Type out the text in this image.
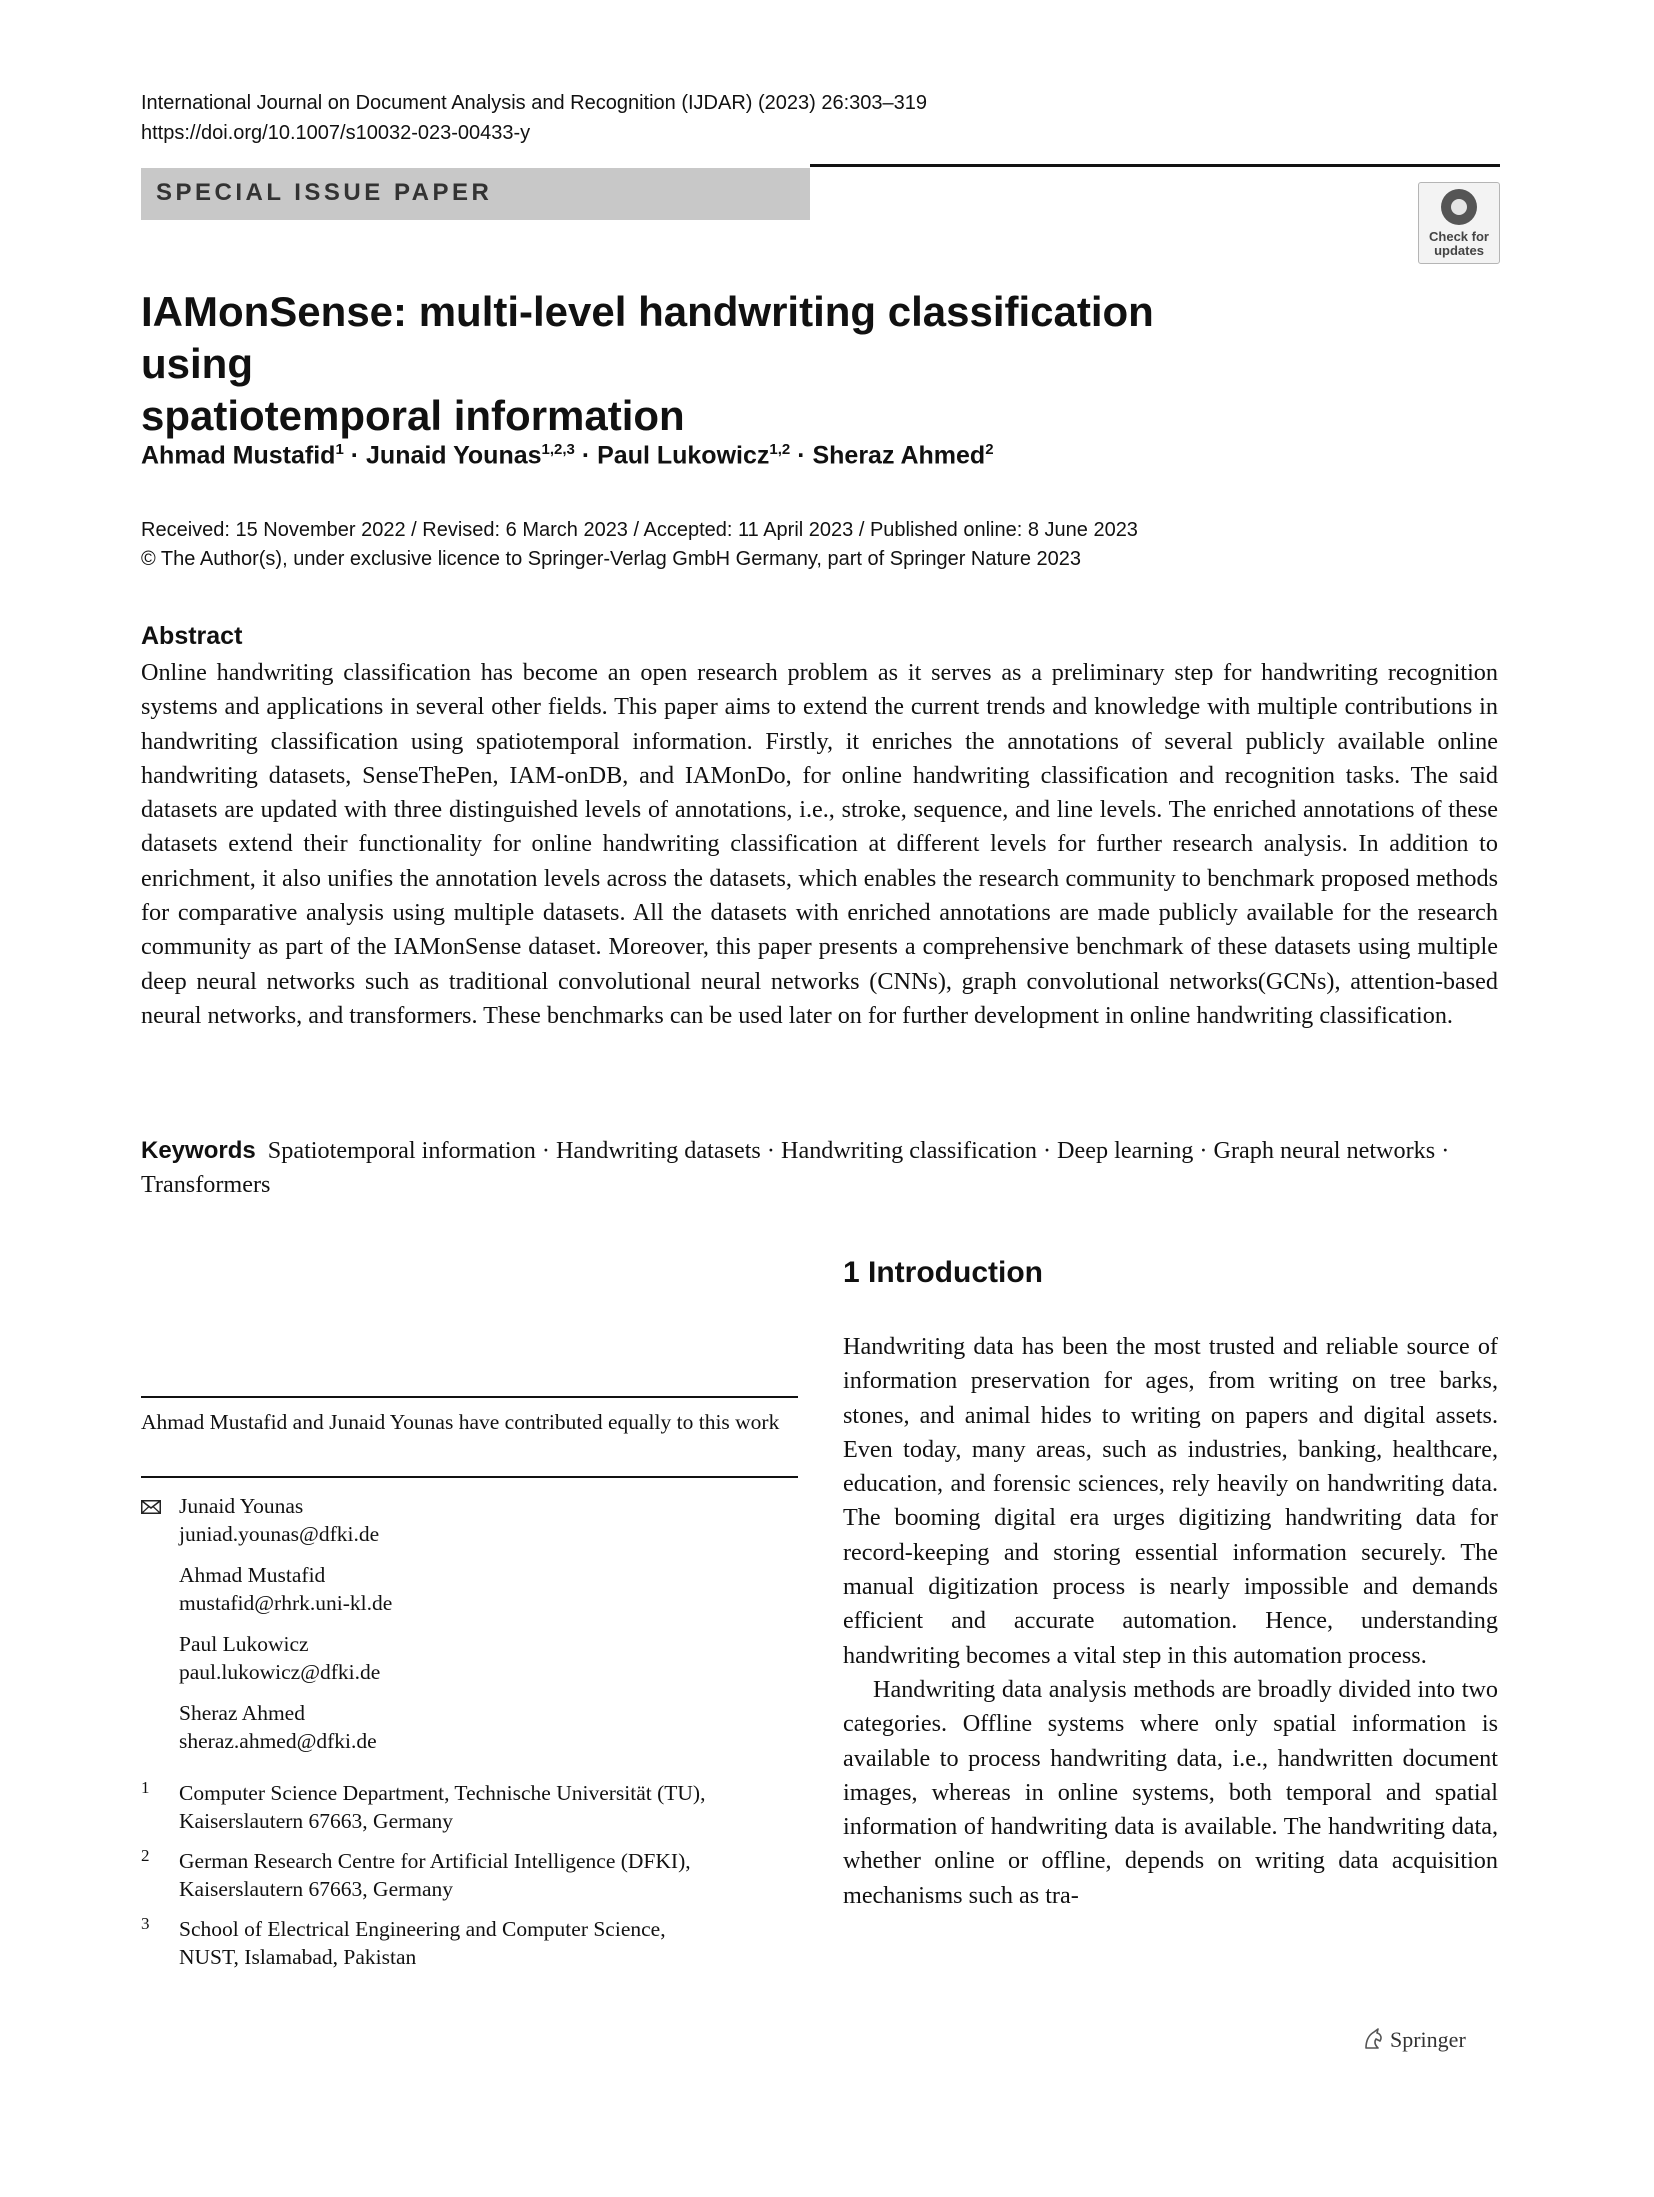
International Journal on Document Analysis and Recognition (IJDAR) (2023) 26:303–319
https://doi.org/10.1007/s10032-023-00433-y
SPECIAL ISSUE PAPER
Check for
updates
IAMonSense: multi-level handwriting classification using
spatiotemporal information
Ahmad Mustafid$^1$ · Junaid Younas$^{1,2,3}$ · Paul Lukowicz$^{1,2}$ · Sheraz Ahmed$^2$
Received: 15 November 2022 / Revised: 6 March 2023 / Accepted: 11 April 2023 / Published online: 8 June 2023
© The Author(s), under exclusive licence to Springer-Verlag GmbH Germany, part of Springer Nature 2023
Abstract
Online handwriting classification has become an open research problem as it serves as a preliminary step for handwriting recognition systems and applications in several other fields. This paper aims to extend the current trends and knowledge with multiple contributions in handwriting classification using spatiotemporal information. Firstly, it enriches the annotations of several publicly available online handwriting datasets, SenseThePen, IAM-onDB, and IAMonDo, for online handwriting classification and recognition tasks. The said datasets are updated with three distinguished levels of annotations, i.e., stroke, sequence, and line levels. The enriched annotations of these datasets extend their functionality for online handwriting classification at different levels for further research analysis. In addition to enrichment, it also unifies the annotation levels across the datasets, which enables the research community to benchmark proposed methods for comparative analysis using multiple datasets. All the datasets with enriched annotations are made publicly available for the research community as part of the IAMonSense dataset. Moreover, this paper presents a comprehensive benchmark of these datasets using multiple deep neural networks such as traditional convolutional neural networks (CNNs), graph convolutional networks(GCNs), attention-based neural networks, and transformers. These benchmarks can be used later on for further development in online handwriting classification.
Keywords Spatiotemporal information · Handwriting datasets · Handwriting classification · Deep learning · Graph neural networks · Transformers
1 Introduction

Handwriting data has been the most trusted and reliable source of information preservation for ages, from writing on tree barks, stones, and animal hides to writing on papers and digital assets. Even today, many areas, such as industries, banking, healthcare, education, and forensic sciences, rely heavily on handwriting data. The booming digital era urges digitizing handwriting data for record-keeping and storing essential information securely. The manual digitization process is nearly impossible and demands efficient and accurate automation. Hence, understanding handwriting becomes a vital step in this automation process.

Handwriting data analysis methods are broadly divided into two categories. Offline systems where only spatial information is available to process handwriting data, i.e., handwritten document images, whereas in online systems, both temporal and spatial information of handwriting data is available. The handwriting data, whether online or offline, depends on writing data acquisition mechanisms such as tra-

Ahmad Mustafid and Junaid Younas have contributed equally to this work
Junaid Younas
juniad.younas@dfki.de
Ahmad Mustafid
mustafid@rhrk.uni-kl.de
Paul Lukowicz
paul.lukowicz@dfki.de
Sheraz Ahmed
sheraz.ahmed@dfki.de
1 Computer Science Department, Technische Universität (TU),
Kaiserslautern 67663, Germany
2 German Research Centre for Artificial Intelligence (DFKI),
Kaiserslautern 67663, Germany
3 School of Electrical Engineering and Computer Science,
NUST, Islamabad, Pakistan
Springer
